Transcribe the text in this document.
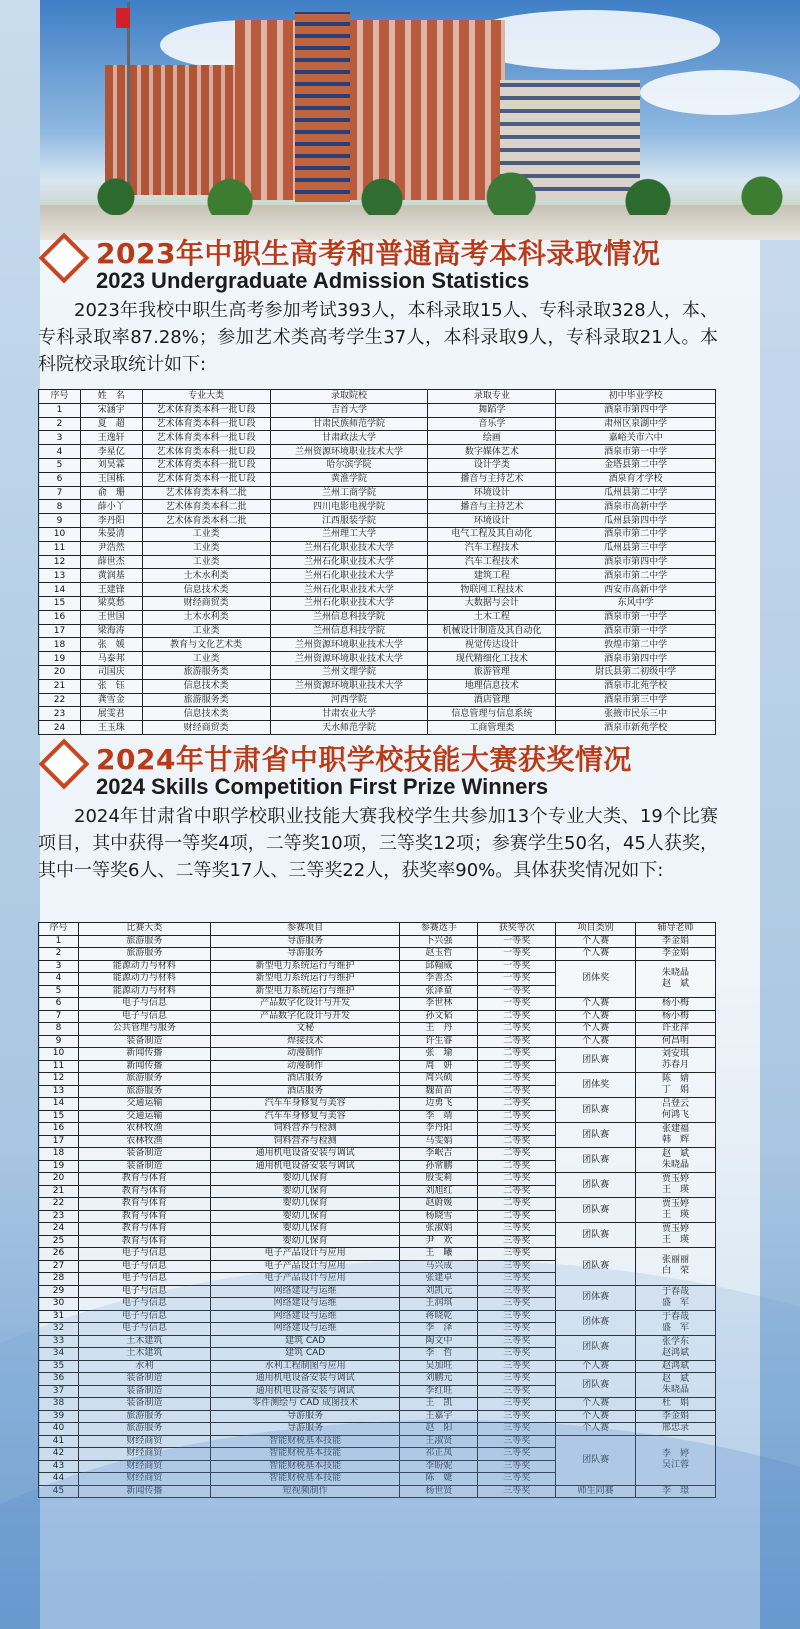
2023年中职生高考和普通高考本科录取情况
2023 Undergraduate Admission Statistics
2023年我校中职生高考参加考试393人，本科录取15人、专科录取328人，本、专科录取率87.28%；参加艺术类高考学生37人，本科录取9人，专科录取21人。本科院校录取统计如下:
序号	姓　名	专业大类	录取院校	录取专业	初中毕业学校
1	宋涵宇	艺术体育类本科一批Ｕ段	吉首大学	舞蹈学	酒泉市第四中学
2	夏　超	艺术体育类本科一批Ｕ段	甘肃民族师范学院	音乐学	肃州区泉湖中学
3	王逸轩	艺术体育类本科一批Ｕ段	甘肃政法大学	绘画	嘉峪关市六中
4	李星亿	艺术体育类本科一批Ｕ段	兰州资源环境职业技术大学	数字媒体艺术	酒泉市第一中学
5	刘昊霖	艺术体育类本科一批Ｕ段	哈尔滨学院	设计学类	金塔县第二中学
6	王国栋	艺术体育类本科一批Ｕ段	黄淮学院	播音与主持艺术	酒泉育才学校
7	俞　珊	艺术体育类本科二批	兰州工商学院	环境设计	瓜州县第二中学
8	薛小丫	艺术体育类本科二批	四川电影电视学院	播音与主持艺术	酒泉市高新中学
9	李丹阳	艺术体育类本科二批	江西服装学院	环境设计	瓜州县第四中学
10	朱晏清	工业类	兰州理工大学	电气工程及其自动化	酒泉市第二中学
11	尹浩然	工业类	兰州石化职业技术大学	汽车工程技术	瓜州县第三中学
12	薛世杰	工业类	兰州石化职业技术大学	汽车工程技术	酒泉市第四中学
13	黄润基	土木水利类	兰州石化职业技术大学	建筑工程	酒泉市第二中学
14	王建锋	信息技术类	兰州石化职业技术大学	物联网工程技术	西安市高新中学
15	梁莫愁	财经商贸类	兰州石化职业技术大学	大数据与会计	东风中学
16	王世国	土木水利类	兰州信息科技学院	土木工程	酒泉市第一中学
17	梁海涛	工业类	兰州信息科技学院	机械设计制造及其自动化	酒泉市第一中学
18	张　媛	教育与文化艺术类	兰州资源环境职业技术大学	视觉传达设计	敦煌市第二中学
19	马泰邦	工业类	兰州资源环境职业技术大学	现代精细化工技术	酒泉市第四中学
20	司国庆	旅游服务类	兰州文理学院	旅游管理	尉氏县第二初级中学
21	张　钰	信息技术类	兰州资源环境职业技术大学	地理信息技术	酒泉市北苑学校
22	龚雪金	旅游服务类	河西学院	酒店管理	酒泉市第三中学
23	展雯君	信息技术类	甘肃农业大学	信息管理与信息系统	张掖市民乐三中
24	王玉珠	财经商贸类	天水师范学院	工商管理类	酒泉市新苑学校
2024年甘肃省中职学校技能大赛获奖情况
2024 Skills Competition First Prize Winners
2024年甘肃省中职学校职业技能大赛我校学生共参加13个专业大类、19个比赛项目，其中获得一等奖4项，二等奖10项，三等奖12项；参赛学生50名，45人获奖，其中一等奖6人、二等奖17人、三等奖22人，获奖率90%。具体获奖情况如下:
序号	比赛大类	参赛项目	参赛选手	获奖等次	项目类别	辅导老师
1	旅游服务	导游服务	卜兴强	一等奖	个人赛	李金娟
2	旅游服务	导游服务	赵玉哲	一等奖	个人赛	李金娟
3	能源动力与材料	新型电力系统运行与维护	邱翰威	一等奖	团体奖	朱晓晶
赵　斌
4	能源动力与材料	新型电力系统运行与维护	李善杰	一等奖		
5	能源动力与材料	新型电力系统运行与维护	张泽童	一等奖		
6	电子与信息	产品数字化设计与开发	李世林	一等奖	个人赛	杨小梅
7	电子与信息	产品数字化设计与开发	孙文韬	二等奖	个人赛	杨小梅
8	公共管理与服务	文秘	王　丹	二等奖	个人赛	许亚萍
9	装备制造	焊接技术	许生睿	二等奖	个人赛	何昌明
10	新闻传播	动漫制作	张　瑜	二等奖	团队赛	刘安琪
苏春月
11	新闻传播	动漫制作	周　妍	二等奖		
12	旅游服务	酒店服务	周兴硕	二等奖	团体奖	陈　婧
丁　娟
13	旅游服务	酒店服务	魏苗苗	二等奖		
14	交通运输	汽车车身修复与美容	边勇飞	二等奖	团队赛	吕登云
何鸿飞
15	交通运输	汽车车身修复与美容	李　靖	二等奖		
16	农林牧渔	饲料营养与检测	李丹阳	二等奖	团队赛	张建福
韩　辉
17	农林牧渔	饲料营养与检测	马雯娟	二等奖		
18	装备制造	通用机电设备安装与调试	李岷吉	二等奖	团队赛	赵　斌
朱晓晶
19	装备制造	通用机电设备安装与调试	孙常鹏	二等奖		
20	教育与体育	婴幼儿保育	殷雯莉	二等奖	团队赛	贾玉婷
王　瑛
21	教育与体育	婴幼儿保育	刘旭红	二等奖		
22	教育与体育	婴幼儿保育	赵蔚媛	二等奖	团队赛	贾玉婷
王　瑛
23	教育与体育	婴幼儿保育	杨晓雪	二等奖		
24	教育与体育	婴幼儿保育	张淑娟	三等奖	团队赛	贾玉婷
王　瑛
25	教育与体育	婴幼儿保育	尹　欢	三等奖		
26	电子与信息	电子产品设计与应用	王　曦	三等奖	团队赛	张丽丽
白　荣
27	电子与信息	电子产品设计与应用	马兴成	三等奖		
28	电子与信息	电子产品设计与应用	张建卓	三等奖		
29	电子与信息	网络建设与运维	刘凯元	三等奖	团体赛	于春哉
盛　军
30	电子与信息	网络建设与运维	王润琪	三等奖		
31	电子与信息	网络建设与运维	蒋晓乾	三等奖	团体赛	于春哉
盛　军
32	电子与信息	网络建设与运维	李　泽	三等奖		
33	土木建筑	建筑 CAD	陶文中	三等奖	团队赛	张学东
赵鸿斌
34	土木建筑	建筑 CAD	李　哲	三等奖		
35	水利	水利工程制图与应用	吴加旺	三等奖	个人赛	赵鸿斌
36	装备制造	通用机电设备安装与调试	刘鹏元	三等奖	团队赛	赵　斌
朱晓晶
37	装备制造	通用机电设备安装与调试	李红旺	三等奖		
38	装备制造	零件测绘与 CAD 成图技术	王　凯	三等奖	个人赛	杜　娟
39	旅游服务	导游服务	王嘉宇	三等奖	个人赛	李金娟
40	旅游服务	导游服务	赵　阳	三等奖	个人赛	邢忠录
41	财经商贸	智能财税基本技能	王淑贤	三等奖	团队赛	李　婷
吴江蓉
42	财经商贸	智能财税基本技能	祁正凤	三等奖		
43	财经商贸	智能财税基本技能	李盼妮	三等奖		
44	财经商贸	智能财税基本技能	陈　婕	三等奖		
45	新闻传播	短视频制作	杨世贤	三等奖	师生同赛	李　璟
